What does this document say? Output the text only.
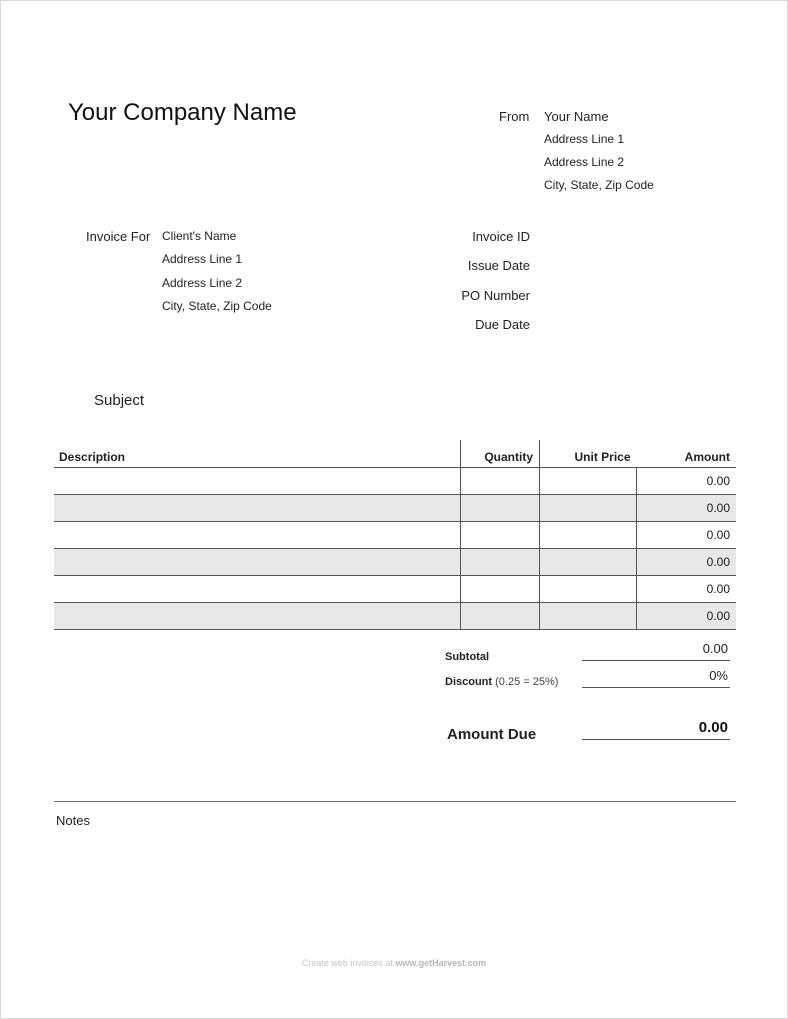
Your Company Name	From Your Name
Address Line 1
Address Line 2
City, State, Zip Code
Invoice For Client's Name
Address Line 1
Address Line 2
City, State, Zip Code
Invoice ID
Issue Date
PO Number
Due Date
Subject
Description	Quantity	Unit Price	Amount
			0.00
			0.00
			0.00
			0.00
			0.00
			0.00
Subtotal
0.00
Discount (0.25 = 25%)	0%
Amount Due	0.00
Notes
Create web invoices at www.getHarvest.com
